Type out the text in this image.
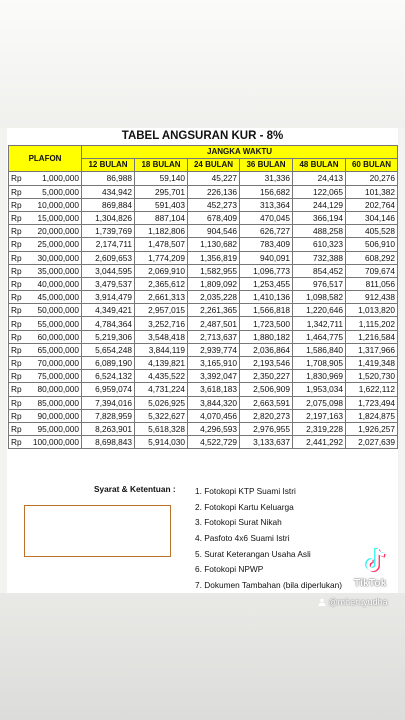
TABEL ANGSURAN KUR - 8%
PLAFON		JANGKA WAKTU					
		12 BULAN	18 BULAN	24 BULAN	36 BULAN	48 BULAN	60 BULAN
Rp	1,000,000	86,988	59,140	45,227	31,336	24,413	20,276
Rp	5,000,000	434,942	295,701	226,136	156,682	122,065	101,382
Rp	10,000,000	869,884	591,403	452,273	313,364	244,129	202,764
Rp	15,000,000	1,304,826	887,104	678,409	470,045	366,194	304,146
Rp	20,000,000	1,739,769	1,182,806	904,546	626,727	488,258	405,528
Rp	25,000,000	2,174,711	1,478,507	1,130,682	783,409	610,323	506,910
Rp	30,000,000	2,609,653	1,774,209	1,356,819	940,091	732,388	608,292
Rp	35,000,000	3,044,595	2,069,910	1,582,955	1,096,773	854,452	709,674
Rp	40,000,000	3,479,537	2,365,612	1,809,092	1,253,455	976,517	811,056
Rp	45,000,000	3,914,479	2,661,313	2,035,228	1,410,136	1,098,582	912,438
Rp	50,000,000	4,349,421	2,957,015	2,261,365	1,566,818	1,220,646	1,013,820
Rp	55,000,000	4,784,364	3,252,716	2,487,501	1,723,500	1,342,711	1,115,202
Rp	60,000,000	5,219,306	3,548,418	2,713,637	1,880,182	1,464,775	1,216,584
Rp	65,000,000	5,654,248	3,844,119	2,939,774	2,036,864	1,586,840	1,317,966
Rp	70,000,000	6,089,190	4,139,821	3,165,910	2,193,546	1,708,905	1,419,348
Rp	75,000,000	6,524,132	4,435,522	3,392,047	2,350,227	1,830,969	1,520,730
Rp	80,000,000	6,959,074	4,731,224	3,618,183	2,506,909	1,953,034	1,622,112
Rp	85,000,000	7,394,016	5,026,925	3,844,320	2,663,591	2,075,098	1,723,494
Rp	90,000,000	7,828,959	5,322,627	4,070,456	2,820,273	2,197,163	1,824,875
Rp	95,000,000	8,263,901	5,618,328	4,296,593	2,976,955	2,319,228	1,926,257
Rp	100,000,000	8,698,843	5,914,030	4,522,729	3,133,637	2,441,292	2,027,639
Syarat & Ketentuan : 1. Fotokopi KTP Suami Istri
2. Fotokopi Kartu Keluarga
3. Fotokopi Surat Nikah
4. Pasfoto 4x6 Suami Istri
5. Surat Keterangan Usaha Asli
6. Fotokopi NPWP
7. Dokumen Tambahan (bila diperlukan) TikTok
@mheruyudha
